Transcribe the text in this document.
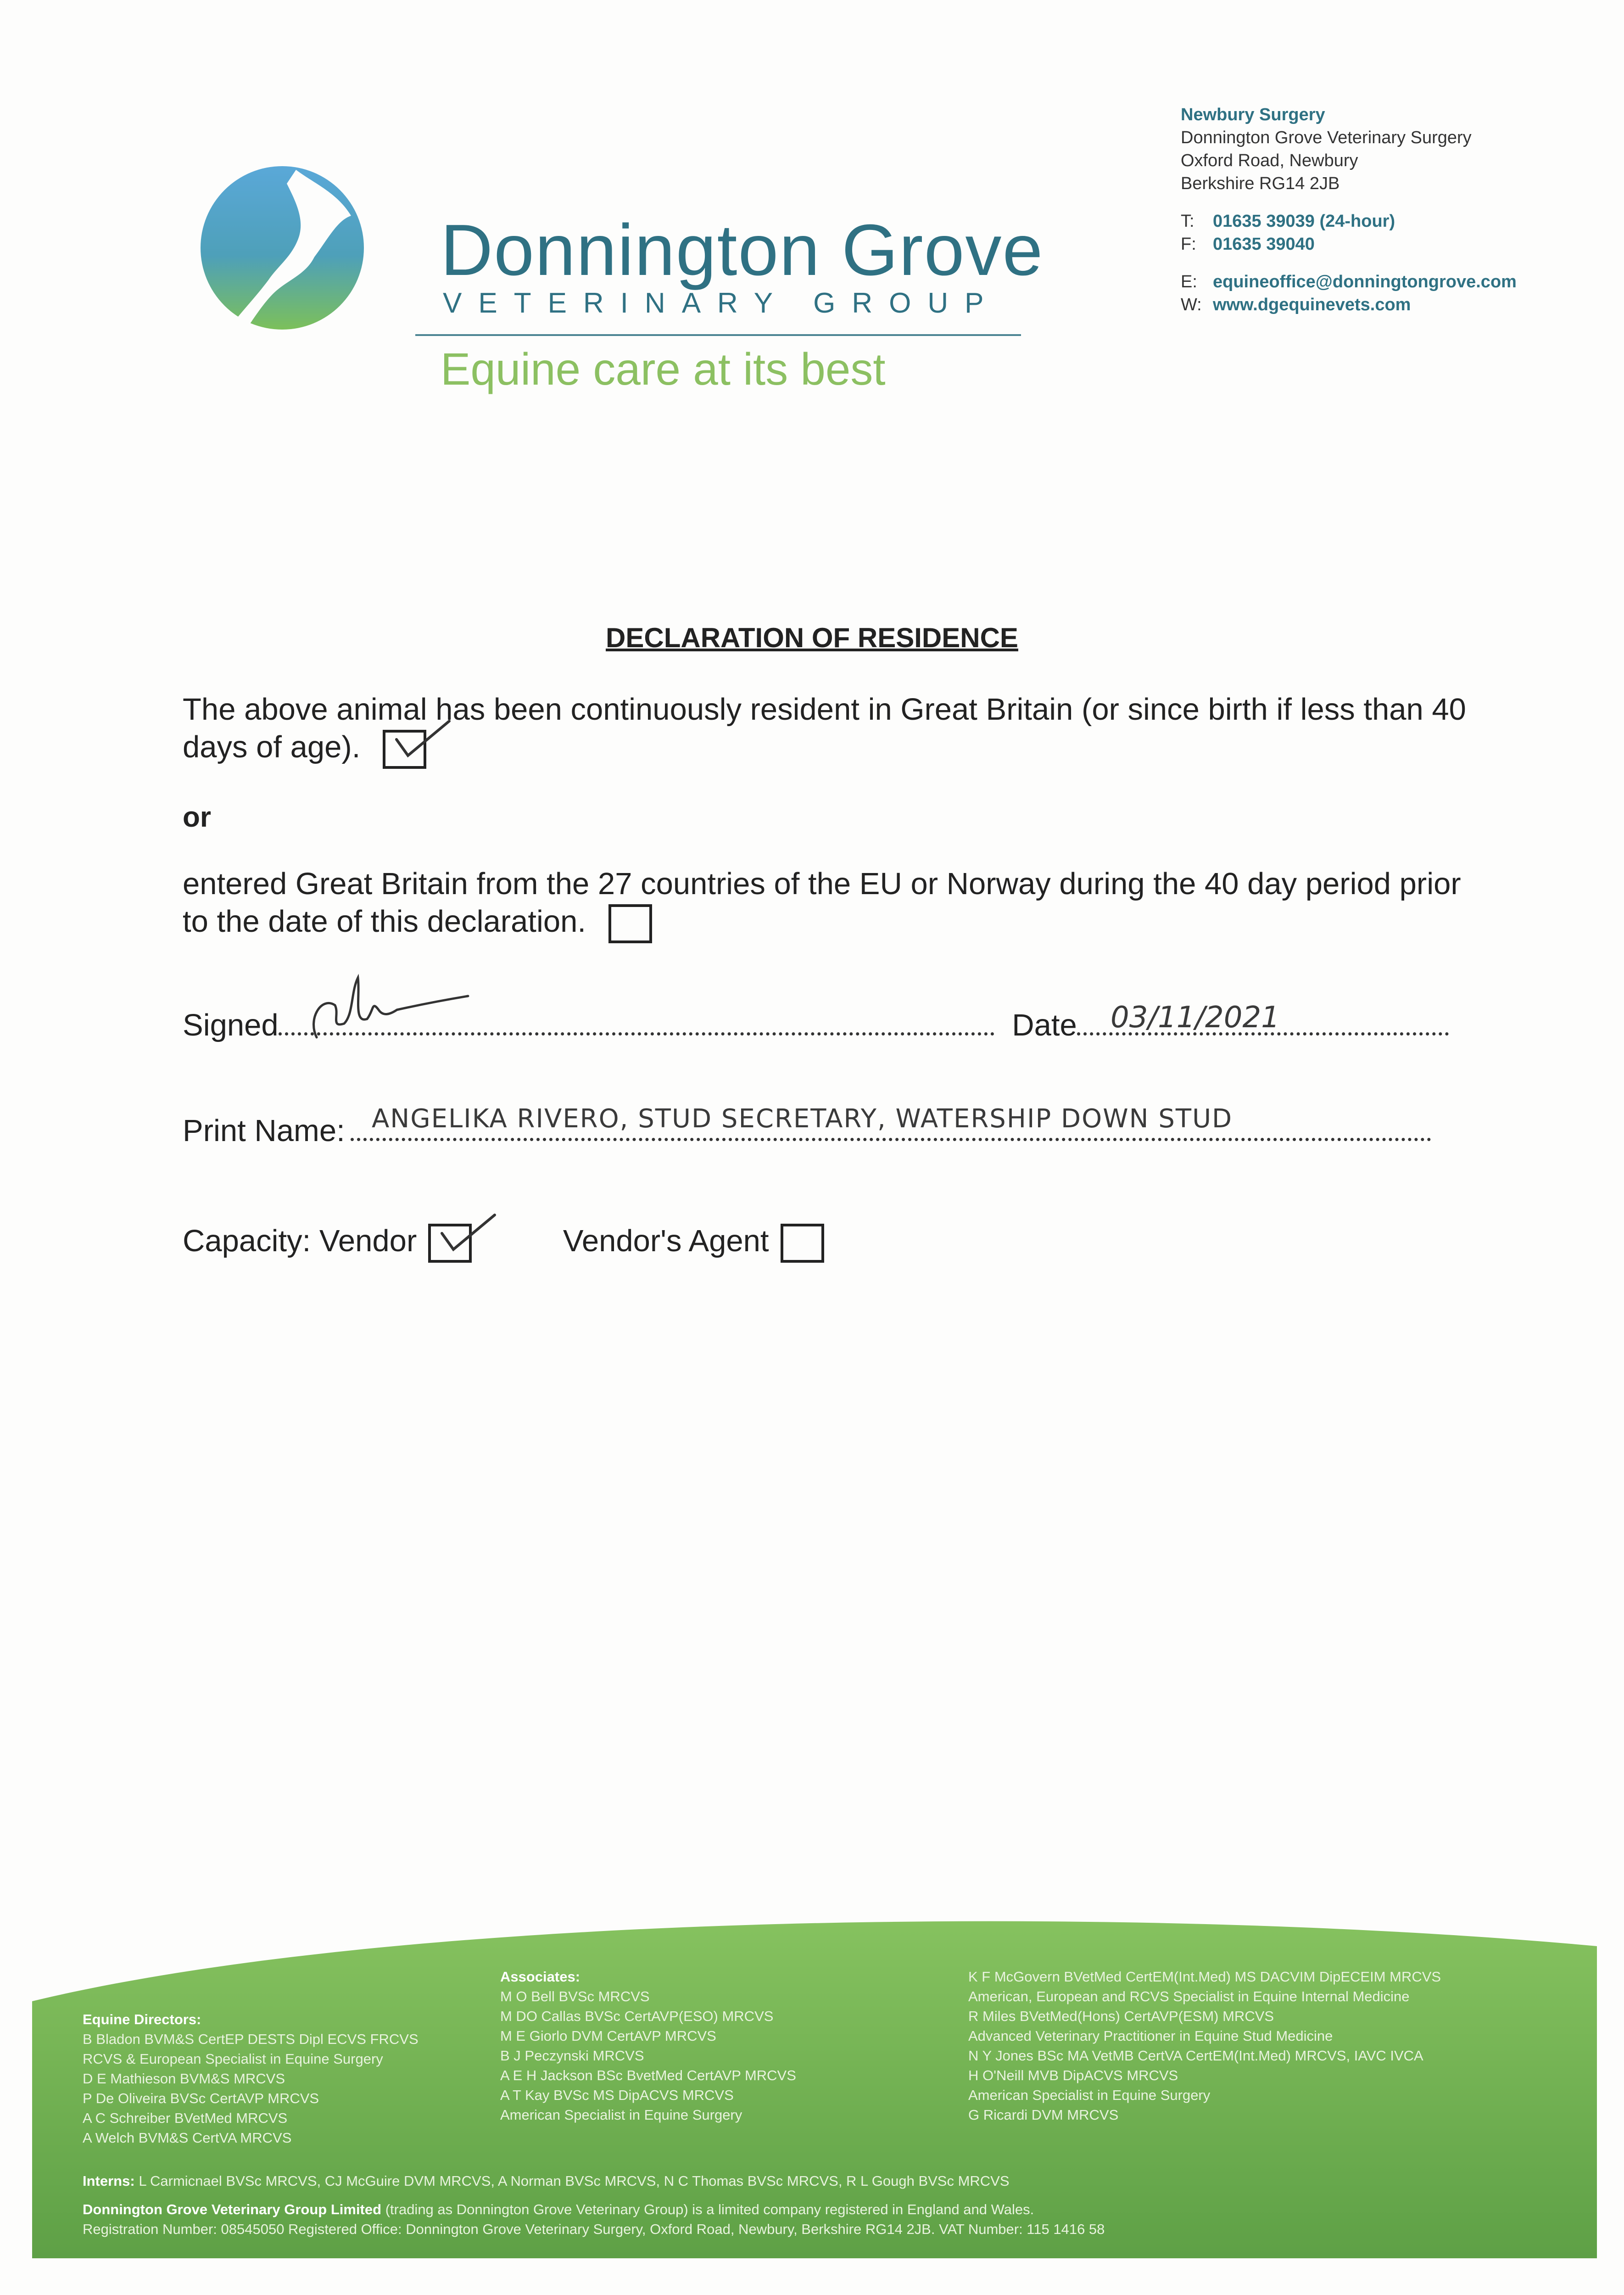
Donnington Grove
VETERINARY GROUP
Equine care at its best
Newbury Surgery
Donnington Grove Veterinary Surgery
Oxford Road, Newbury
Berkshire RG14 2JB
T:	01635 39039 (24-hour)
F: 01635 39040
E: equineoffice@donningtongrove.com
W: www.dgequinevets.com
DECLARATION OF RESIDENCE
The above animal has been continuously resident in Great Britain (or since birth if less than 40 days of age).
or
entered Great Britain from the 27 countries of the EU or Norway during the 40 day period prior to the date of this declaration.
Signed	Date	03/11/2021
Print Name:	ANGELIKA RIVERO, STUD SECRETARY, WATERSHIP DOWN STUD
Capacity: Vendor	Vendor's Agent
Equine Directors:
B Bladon BVM&S CertEP DESTS Dipl ECVS FRCVS
RCVS & European Specialist in Equine Surgery
D E Mathieson BVM&S MRCVS
P De Oliveira BVSc CertAVP MRCVS
A C Schreiber BVetMed MRCVS
A Welch BVM&S CertVA MRCVS
Associates:
M O Bell BVSc MRCVS
M DO Callas BVSc CertAVP(ESO) MRCVS
M E Giorlo DVM CertAVP MRCVS
B J Peczynski MRCVS
A E H Jackson BSc BvetMed CertAVP MRCVS
A T Kay BVSc MS DipACVS MRCVS
American Specialist in Equine Surgery
K F McGovern BVetMed CertEM(Int.Med) MS DACVIM DipECEIM MRCVS
American, European and RCVS Specialist in Equine Internal Medicine
R Miles BVetMed(Hons) CertAVP(ESM) MRCVS
Advanced Veterinary Practitioner in Equine Stud Medicine
N Y Jones BSc MA VetMB CertVA CertEM(Int.Med) MRCVS, IAVC IVCA
H O'Neill MVB DipACVS MRCVS
American Specialist in Equine Surgery
G Ricardi DVM MRCVS
Interns: L Carmicnael BVSc MRCVS, CJ McGuire DVM MRCVS, A Norman BVSc MRCVS, N C Thomas BVSc MRCVS, R L Gough BVSc MRCVS
Donnington Grove Veterinary Group Limited (trading as Donnington Grove Veterinary Group) is a limited company registered in England and Wales.
Registration Number: 08545050 Registered Office: Donnington Grove Veterinary Surgery, Oxford Road, Newbury, Berkshire RG14 2JB. VAT Number: 115 1416 58
